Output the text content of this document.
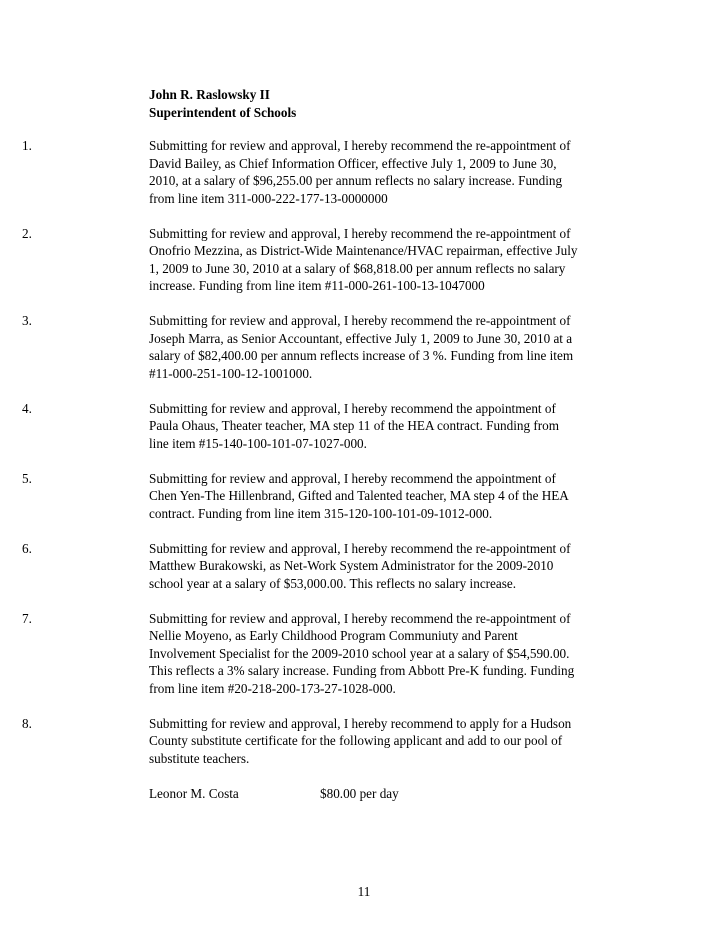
John R. Raslowsky II
Superintendent of Schools
1.	Submitting for review and approval, I hereby recommend the re-appointment of
David Bailey, as Chief Information Officer, effective July 1, 2009 to June 30,
2010, at a salary of $96,255.00 per annum reflects no salary increase. Funding
from line item 311-000-222-177-13-0000000
2.	Submitting for review and approval, I hereby recommend the re-appointment of
Onofrio Mezzina, as District-Wide Maintenance/HVAC repairman, effective July
1, 2009 to June 30, 2010 at a salary of $68,818.00 per annum reflects no salary
increase. Funding from line item #11-000-261-100-13-1047000
3.	Submitting for review and approval, I hereby recommend the re-appointment of
Joseph Marra, as Senior Accountant, effective July 1, 2009 to June 30, 2010 at a
salary of $82,400.00 per annum reflects increase of 3 %. Funding from line item
#11-000-251-100-12-1001000.
4.	Submitting for review and approval, I hereby recommend the appointment of
Paula Ohaus, Theater teacher, MA step 11 of the HEA contract. Funding from
line item #15-140-100-101-07-1027-000.
5.	Submitting for review and approval, I hereby recommend the appointment of
Chen Yen-The Hillenbrand, Gifted and Talented teacher, MA step 4 of the HEA
contract. Funding from line item 315-120-100-101-09-1012-000.
6.	Submitting for review and approval, I hereby recommend the re-appointment of
Matthew Burakowski, as Net-Work System Administrator for the 2009-2010
school year at a salary of $53,000.00. This reflects no salary increase.
7.	Submitting for review and approval, I hereby recommend the re-appointment of
Nellie Moyeno, as Early Childhood Program Communiuty and Parent
Involvement Specialist for the 2009-2010 school year at a salary of $54,590.00.
This reflects a 3% salary increase. Funding from Abbott Pre-K funding. Funding
from line item #20-218-200-173-27-1028-000.
8.	Submitting for review and approval, I hereby recommend to apply for a Hudson
County substitute certificate for the following applicant and add to our pool of
substitute teachers.
Leonor M. Costa	$80.00 per day
11
